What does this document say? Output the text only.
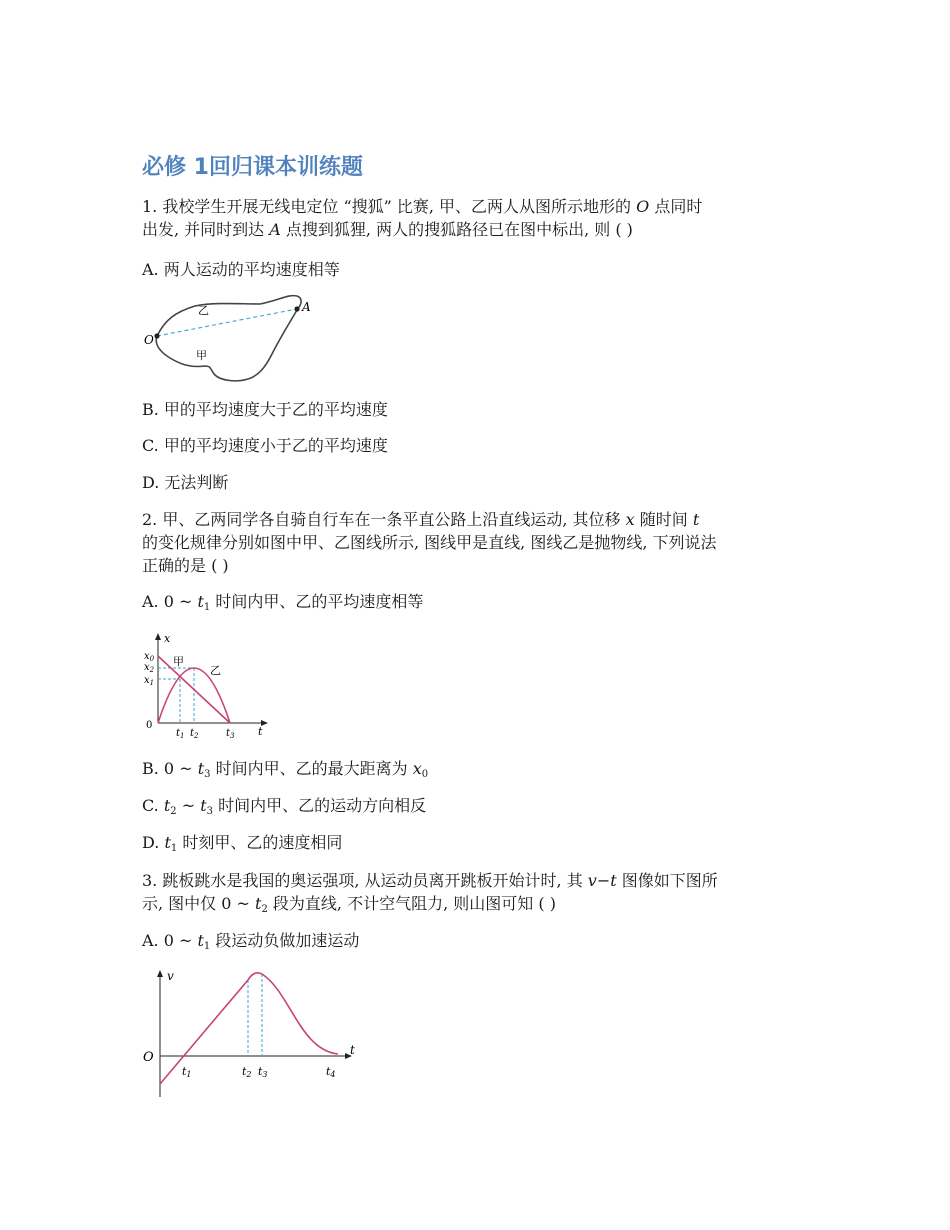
必修 1回归课本训练题

1. 我校学生开展无线电定位 “搜狐” 比赛, 甲、乙两人从图所示地形的 O 点同时

出发, 并同时到达 A 点搜到狐狸, 两人的搜狐路径已在图中标出, 则 ( )

A. 两人运动的平均速度相等

O
A
乙
甲

B. 甲的平均速度大于乙的平均速度

C. 甲的平均速度小于乙的平均速度

D. 无法判断

2. 甲、乙两同学各自骑自行车在一条平直公路上沿直线运动, 其位移 x 随时间 t

的变化规律分别如图中甲、乙图线所示, 图线甲是直线, 图线乙是抛物线, 下列说法

正确的是 ( )

A. 0 ~ $t_1$ 时间内甲、乙的平均速度相等

x
t
0
$x_0$
$x_2$
$x_1$
$t_1$ $t_2$	$t_3$
甲
乙

B. 0 ~ $t_3$ 时间内甲、乙的最大距离为 $x_0$

C. $t_2$ ~ $t_3$ 时间内甲、乙的运动方向相反

D. $t_1$ 时刻甲、乙的速度相同

3. 跳板跳水是我国的奥运强项, 从运动员离开跳板开始计时, 其 v−t 图像如下图所

示, 图中仅 0 ~ $t_2$ 段为直线, 不计空气阻力, 则山图可知 ( )

A. 0 ~ $t_1$ 段运动负做加速运动

v
t
O
t1	t2 t3	t4
